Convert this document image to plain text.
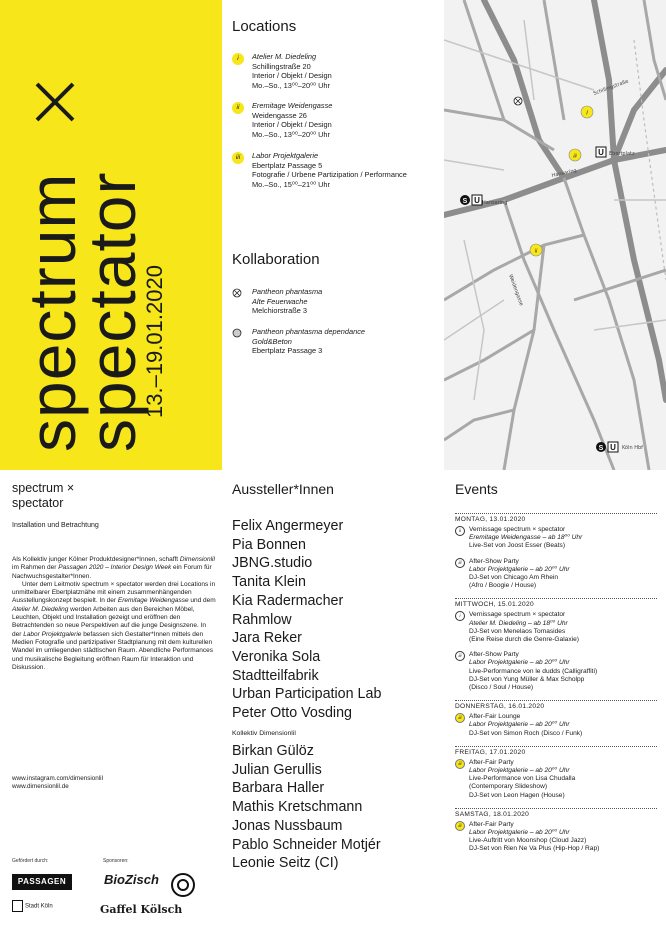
spectrum
spectator13.–19.01.2020
Locations
i	Atelier M. Diedeling
Schillingstraße 20
Interior / Objekt / Design
Mo.–So., 13⁰⁰–20⁰⁰ Uhr
ii	Eremitage Weidengasse
Weidengasse 26
Interior / Objekt / Design
Mo.–So., 13⁰⁰–20⁰⁰ Uhr
iii	Labor Projektgalerie
Ebertplatz Passage 5
Fotografie / Urbene Partizipation / Performance
Mo.–So., 15⁰⁰–21⁰⁰ Uhr
Kollaboration
Pantheon phantasma
Alte Feuerwache
Melchiorstraße 3
Pantheon phantasma dependance
Gold&Beton
Ebertplatz Passage 3
Schillingstraße
Ebertplatz
Hansaring
Hansaring
Weidengasse
Köln Hbf
i
iii
ii
U
S U
S U
spectrum ×
spectator
Installation und Betrachtung

Als Kollektiv junger Kölner Produktdesigner*Innen, schafft Dimensionlil im Rahmen der Passagen 2020 – Interior Design Week ein Forum für Nachwuchsgestalter*Innen.

Unter dem Leitmotiv spectrum × spectator werden drei Locations in unmittelbarer Ebertplatznähe mit einem zusammenhängenden Ausstellungskonzept bespielt. In der Eremitage Weidengasse und dem Atelier M. Diedeling werden Arbeiten aus den Bereichen Möbel, Leuchten, Objekt und Installation gezeigt und eröffnen den Betrachtenden so neue Perspektiven auf die junge Designszene. In der Labor Projektgalerie befassen sich Gestalter*Innen mittels den Medien Fotografie und partizipativer Stadtplanung mit dem kulturellen Wandel im umliegenden städtischen Raum. Abendliche Performances und musikalische Begleitung eröffnen Raum für Interaktion und Diskussion.

www.instagram.com/dimensionlil
www.dimensionlil.de
Gefördert durch:	Sponsoren:
PASSAGEN
Stadt Köln
BioZisch
Gaffel Kölsch
Aussteller*Innen
Felix Angermeyer
Pia Bonnen
JBNG.studio
Tanita Klein
Kia Radermacher
Rahmlow
Jara Reker
Veronika Sola
Stadtteilfabrik
Urban Participation Lab
Peter Otto Vosding
Kollektiv Dimensionlil
Birkan Gülöz
Julian Gerullis
Barbara Haller
Mathis Kretschmann
Jonas Nussbaum
Pablo Schneider Motjér
Leonie Seitz (CI)
Events
MONTAG, 13.01.2020
ii	Vernissage spectrum × spectator
Eremitage Weidengasse – ab 18⁰⁰ Uhr
Live-Set von Joost Esser (Beats)
iii	After-Show Party
Labor Projektgalerie – ab 20⁰⁰ Uhr
DJ-Set von Chicago Am Rhein
(Afro / Boogie / House)
MITTWOCH, 15.01.2020
i	Vernissage spectrum × spectator
Atelier M. Diedeling – ab 18⁰⁰ Uhr
DJ-Set von Menelaos Tomasides
(Eine Reise durch die Genre-Galaxie)
iii	After-Show Party
Labor Projektgalerie – ab 20⁰⁰ Uhr
Live-Performance von le dudds (Calligraffiti)
DJ-Set von Yung Müller & Max Scholpp
(Disco / Soul / House)
DONNERSTAG, 16.01.2020
iii	After-Fair Lounge
Labor Projektgalerie – ab 20⁰⁰ Uhr
DJ-Set von Simon Roch (Disco / Funk)
FREITAG, 17.01.2020
iii	After-Fair Party
Labor Projektgalerie – ab 20⁰⁰ Uhr
Live-Performance von Lisa Chudalla
(Contemporary Slideshow)
DJ-Set von Leon Hagen (House)
SAMSTAG, 18.01.2020
iii	After-Fair Party
Labor Projektgalerie – ab 20⁰⁰ Uhr
Live-Auftritt von Moonshop (Cloud Jazz)
DJ-Set von Rien Ne Va Plus (Hip-Hop / Rap)
